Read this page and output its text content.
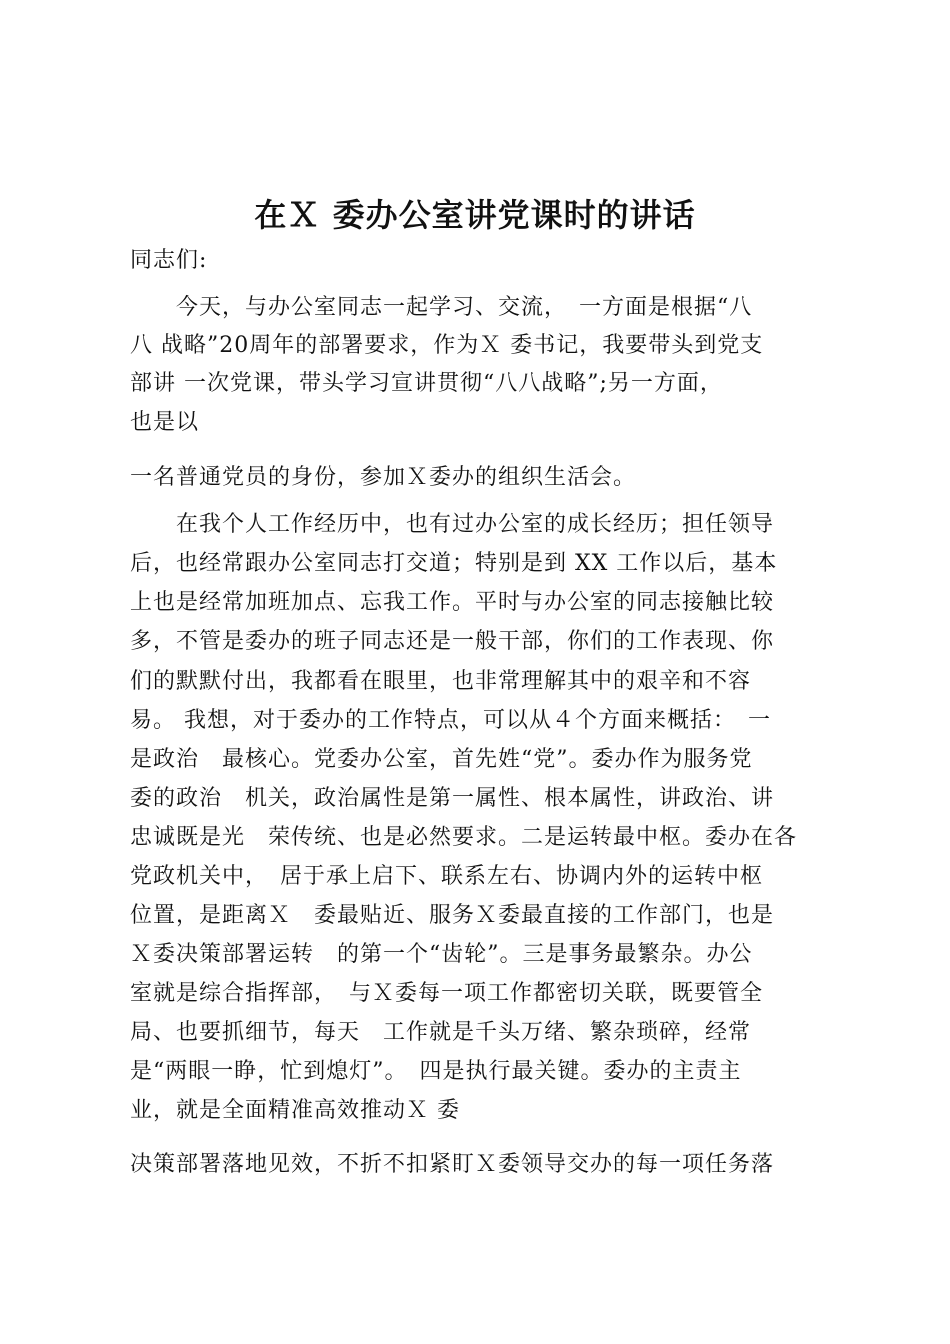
在Ｘ 委办公室讲党课时的讲话

同志们:

　　今天，与办公室同志一起学习、交流，　一方面是根据“八

八 战略”20周年的部署要求，作为Ｘ 委书记，我要带头到党支

部讲 一次党课，带头学习宣讲贯彻“八八战略”;另一方面，

也是以

一名普通党员的身份，参加Ｘ委办的组织生活会。

　　在我个人工作经历中，也有过办公室的成长经历；担任领导

后，也经常跟办公室同志打交道；特别是到 XX 工作以后，基本

上也是经常加班加点、忘我工作。平时与办公室的同志接触比较

多，不管是委办的班子同志还是一般干部，你们的工作表现、你

们的默默付出，我都看在眼里，也非常理解其中的艰辛和不容

易。 我想，对于委办的工作特点，可以从４个方面来概括：　一

是政治　最核心。党委办公室，首先姓“党”。委办作为服务党

委的政治　机关，政治属性是第一属性、根本属性，讲政治、讲

忠诚既是光　荣传统、也是必然要求。二是运转最中枢。委办在各

党政机关中，　居于承上启下、联系左右、协调内外的运转中枢

位置，是距离Ｘ　委最贴近、服务Ｘ委最直接的工作部门，也是

Ｘ委决策部署运转　的第一个“齿轮”。三是事务最繁杂。办公

室就是综合指挥部，　与Ｘ委每一项工作都密切关联，既要管全

局、也要抓细节，每天　工作就是千头万绪、繁杂琐碎，经常

是“两眼一睁，忙到熄灯”。　四是执行最关键。委办的主责主

业，就是全面精准高效推动Ｘ 委

决策部署落地见效，不折不扣紧盯Ｘ委领导交办的每一项任务落
